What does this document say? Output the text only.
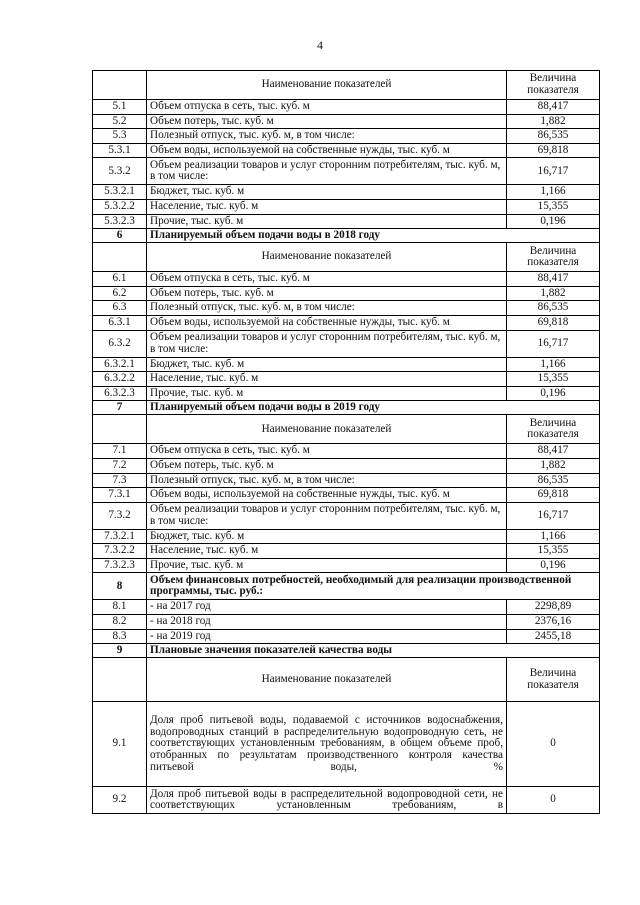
4
	Наименование показателей	Величина показателя
5.1	Объем отпуска в сеть, тыс. куб. м	88,417
5.2	Объем потерь, тыс. куб. м	1,882
5.3	Полезный отпуск, тыс. куб. м, в том числе:	86,535
5.3.1	Объем воды, используемой на собственные нужды, тыс. куб. м	69,818
5.3.2	Объем реализации товаров и услуг сторонним потребителям, тыс. куб. м, в том числе:	16,717
5.3.2.1	Бюджет, тыс. куб. м	1,166
5.3.2.2	Население, тыс. куб. м	15,355
5.3.2.3	Прочие, тыс. куб. м	0,196
6	Планируемый объем подачи воды в 2018 году	
	Наименование показателей	Величина показателя
6.1	Объем отпуска в сеть, тыс. куб. м	88,417
6.2	Объем потерь, тыс. куб. м	1,882
6.3	Полезный отпуск, тыс. куб. м, в том числе:	86,535
6.3.1	Объем воды, используемой на собственные нужды, тыс. куб. м	69,818
6.3.2	Объем реализации товаров и услуг сторонним потребителям, тыс. куб. м, в том числе:	16,717
6.3.2.1	Бюджет, тыс. куб. м	1,166
6.3.2.2	Население, тыс. куб. м	15,355
6.3.2.3	Прочие, тыс. куб. м	0,196
7	Планируемый объем подачи воды в 2019 году	
	Наименование показателей	Величина показателя
7.1	Объем отпуска в сеть, тыс. куб. м	88,417
7.2	Объем потерь, тыс. куб. м	1,882
7.3	Полезный отпуск, тыс. куб. м, в том числе:	86,535
7.3.1	Объем воды, используемой на собственные нужды, тыс. куб. м	69,818
7.3.2	Объем реализации товаров и услуг сторонним потребителям, тыс. куб. м, в том числе:	16,717
7.3.2.1	Бюджет, тыс. куб. м	1,166
7.3.2.2	Население, тыс. куб. м	15,355
7.3.2.3	Прочие, тыс. куб. м	0,196
8	Объем финансовых потребностей, необходимый для реализации производственной программы, тыс. руб.:	
8.1	- на 2017 год	2298,89
8.2	- на 2018 год	2376,16
8.3	- на 2019 год	2455,18
9	Плановые значения показателей качества воды	
	Наименование показателей	Величина показателя
9.1	Доля проб питьевой воды, подаваемой с источников водоснабжения, водопроводных станций в распределительную водопроводную сеть, не соответствующих установленным требованиям, в общем объеме проб, отобранных по результатам производственного контроля качества питьевой воды, %	0
9.2	Доля проб питьевой воды в распределительной водопроводной сети, не соответствующих установленным требованиям, в	0
